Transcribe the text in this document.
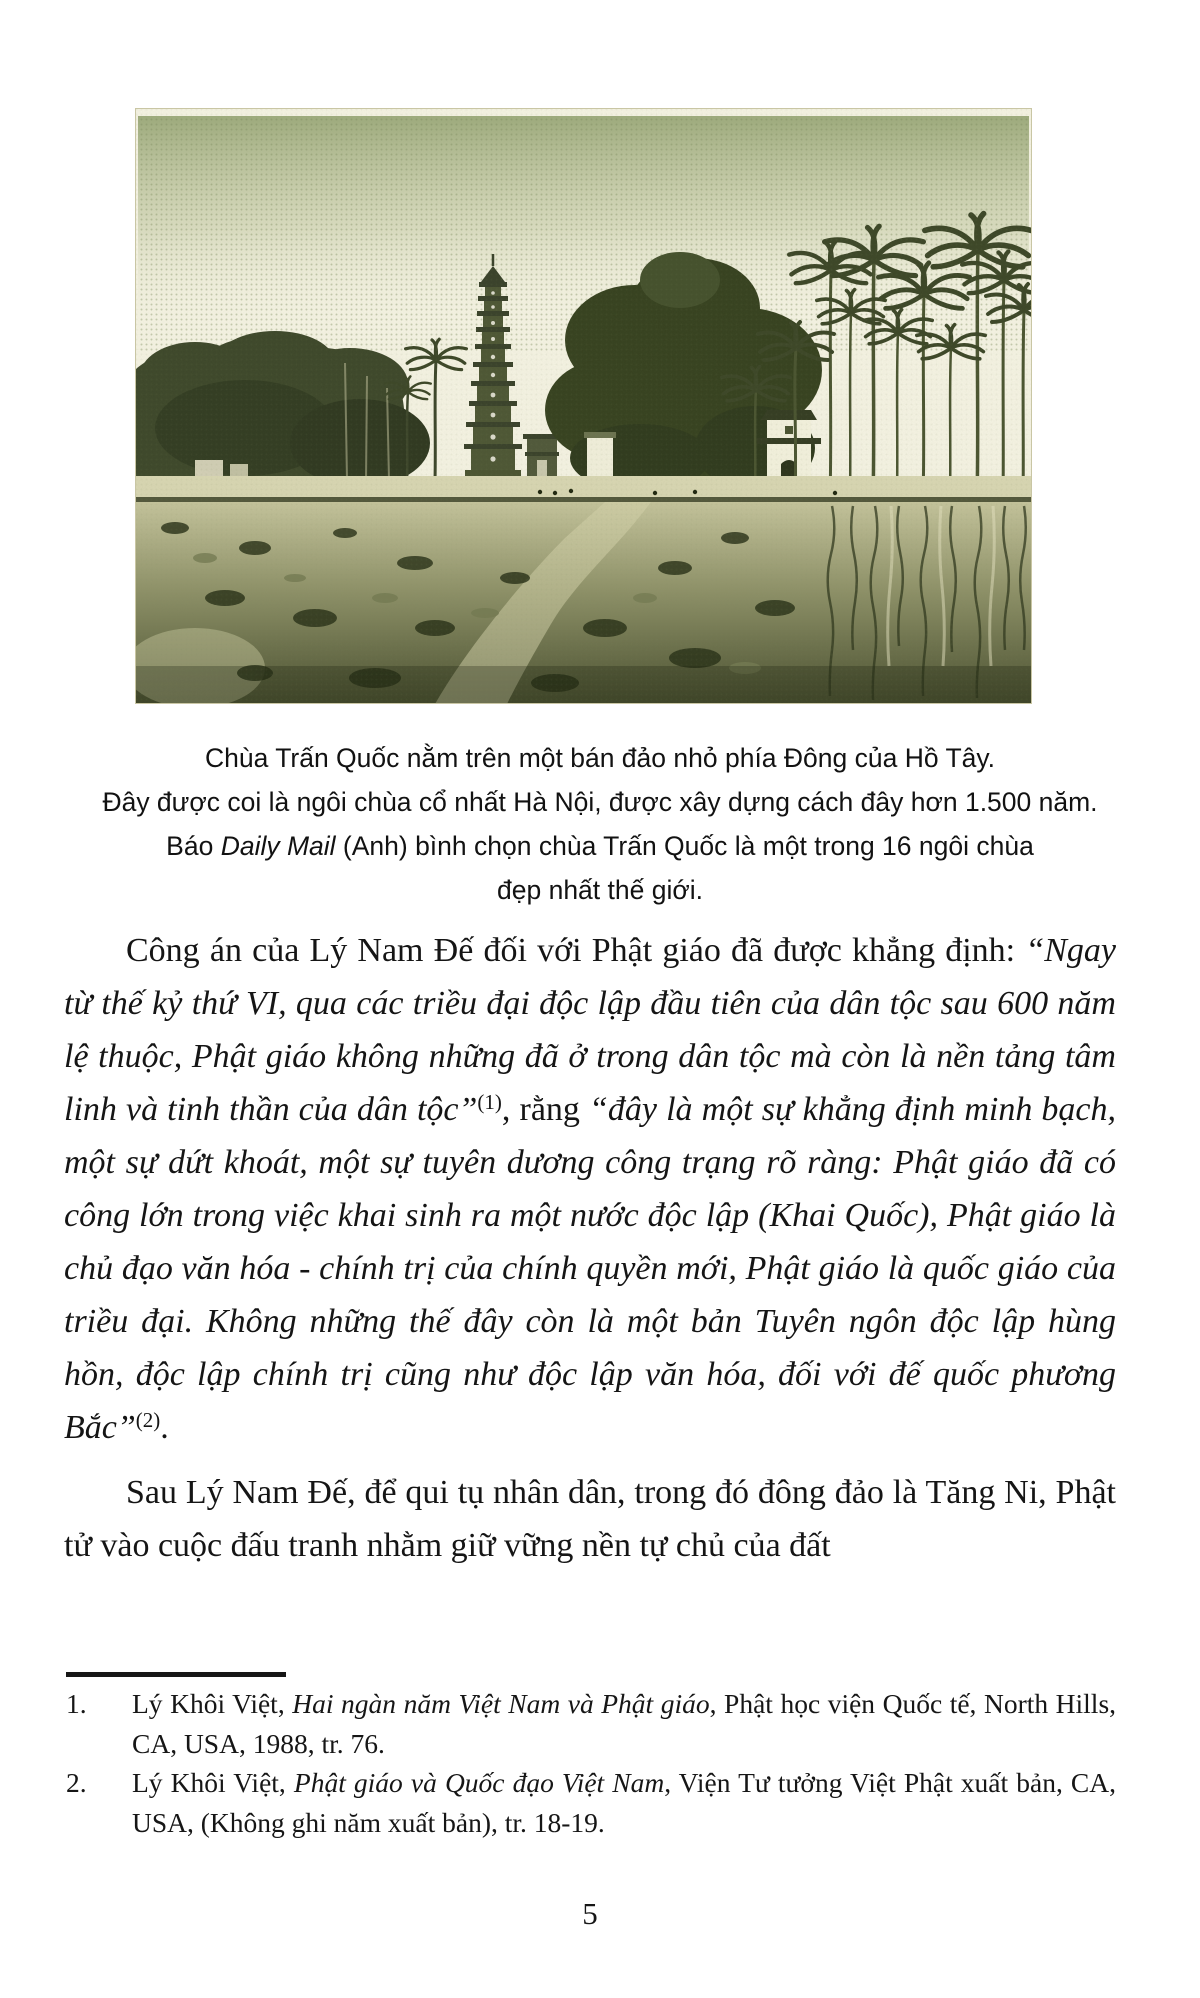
Chùa Trấn Quốc nằm trên một bán đảo nhỏ phía Đông của Hồ Tây.
Đây được coi là ngôi chùa cổ nhất Hà Nội, được xây dựng cách đây hơn 1.500 năm.
Báo Daily Mail (Anh) bình chọn chùa Trấn Quốc là một trong 16 ngôi chùa
đẹp nhất thế giới.

Công án của Lý Nam Đế đối với Phật giáo đã được khẳng định: “Ngay từ thế kỷ thứ VI, qua các triều đại độc lập đầu tiên của dân tộc sau 600 năm lệ thuộc, Phật giáo không những đã ở trong dân tộc mà còn là nền tảng tâm linh và tinh thần của dân tộc”$^{(1)}$, rằng “đây là một sự khẳng định minh bạch, một sự dứt khoát, một sự tuyên dương công trạng rõ ràng: Phật giáo đã có công lớn trong việc khai sinh ra một nước độc lập (Khai Quốc), Phật giáo là chủ đạo văn hóa - chính trị của chính quyền mới, Phật giáo là quốc giáo của triều đại. Không những thế đây còn là một bản Tuyên ngôn độc lập hùng hồn, độc lập chính trị cũng như độc lập văn hóa, đối với đế quốc phương Bắc”$^{(2)}$.

Sau Lý Nam Đế, để qui tụ nhân dân, trong đó đông đảo là Tăng Ni, Phật tử vào cuộc đấu tranh nhằm giữ vững nền tự chủ của đất

1.	Lý Khôi Việt, Hai ngàn năm Việt Nam và Phật giáo, Phật học viện Quốc tế, North Hills, CA, USA, 1988, tr. 76.
2.	Lý Khôi Việt, Phật giáo và Quốc đạo Việt Nam, Viện Tư tưởng Việt Phật xuất bản, CA, USA, (Không ghi năm xuất bản), tr. 18-19.
5
